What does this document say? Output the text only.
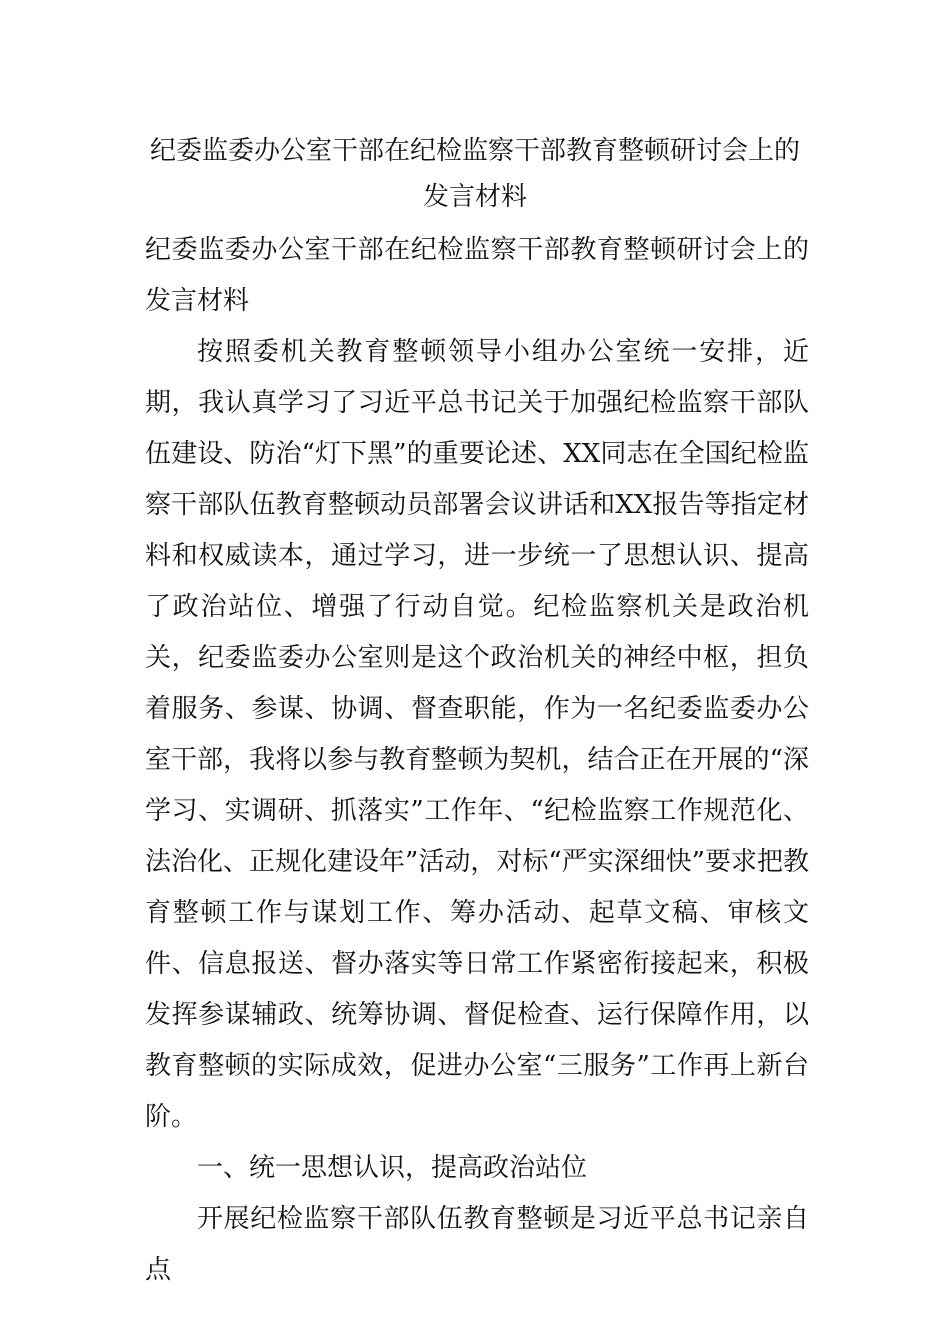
纪委监委办公室干部在纪检监察干部教育整顿研讨会上的
发言材料

纪委监委办公室干部在纪检监察干部教育整顿研讨会上的发言材料

按照委机关教育整顿领导小组办公室统一安排，近期，我认真学习了习近平总书记关于加强纪检监察干部队伍建设、防治“灯下黑”的重要论述、XX同志在全国纪检监察干部队伍教育整顿动员部署会议讲话和XX报告等指定材料和权威读本，通过学习，进一步统一了思想认识、提高了政治站位、增强了行动自觉。纪检监察机关是政治机关，纪委监委办公室则是这个政治机关的神经中枢，担负着服务、参谋、协调、督查职能，作为一名纪委监委办公室干部，我将以参与教育整顿为契机，结合正在开展的“深学习、实调研、抓落实”工作年、“纪检监察工作规范化、法治化、正规化建设年”活动，对标“严实深细快”要求把教育整顿工作与谋划工作、筹办活动、起草文稿、审核文件、信息报送、督办落实等日常工作紧密衔接起来，积极发挥参谋辅政、统筹协调、督促检查、运行保障作用，以教育整顿的实际成效，促进办公室“三服务”工作再上新台阶。

一、统一思想认识，提高政治站位

开展纪检监察干部队伍教育整顿是习近平总书记亲自点
